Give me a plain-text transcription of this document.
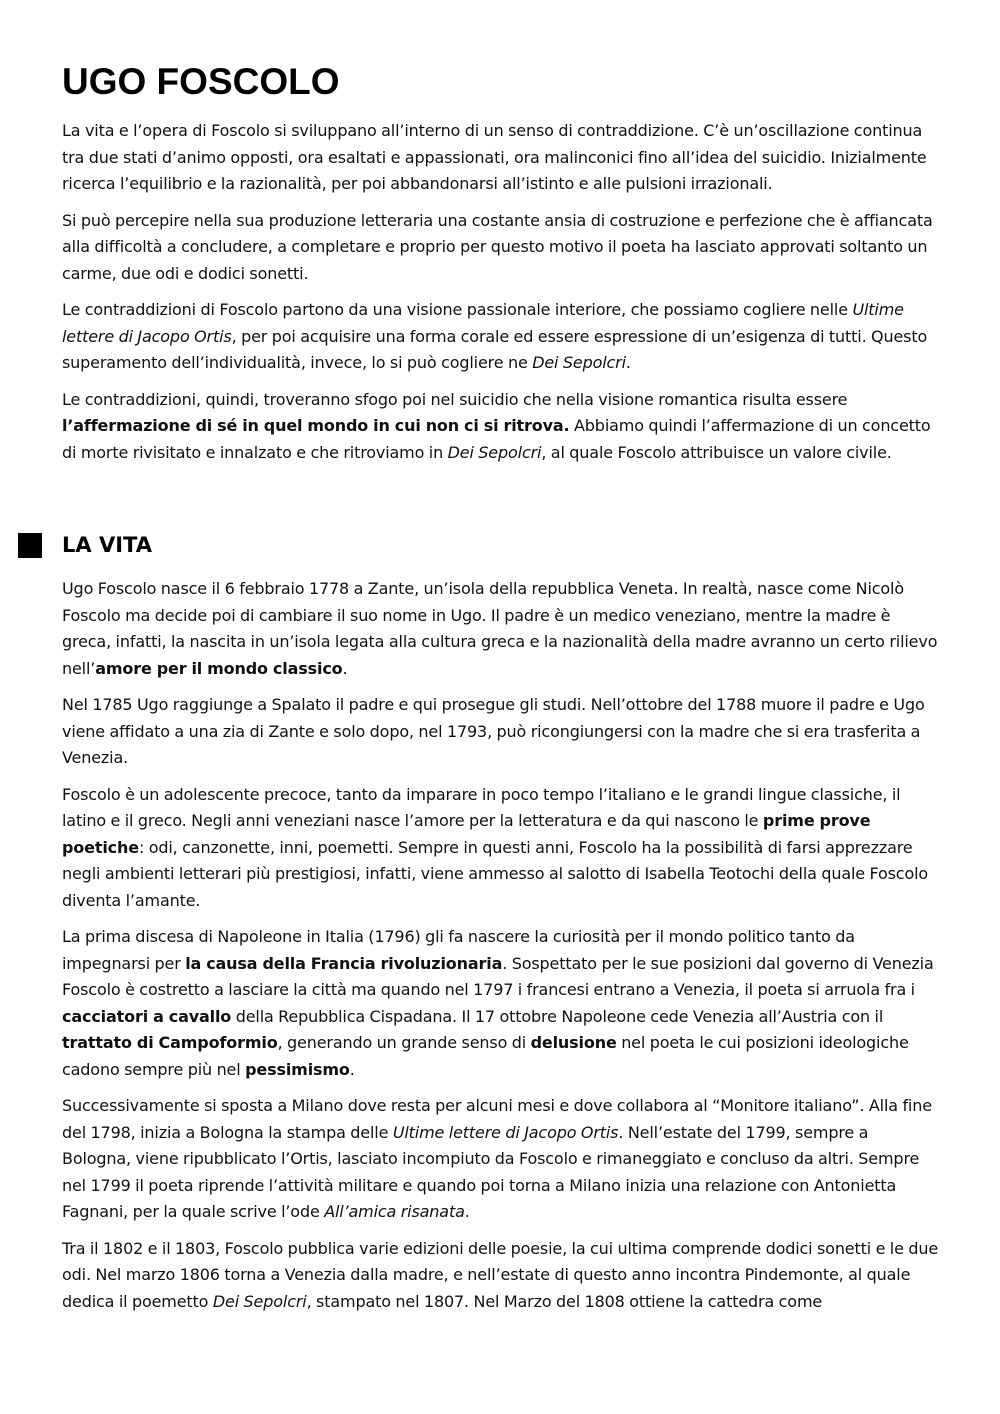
UGO FOSCOLO

La vita e l’opera di Foscolo si sviluppano all’interno di un senso di contraddizione. C’è un’oscillazione continua tra due stati d’animo opposti, ora esaltati e appassionati, ora malinconici fino all’idea del suicidio. Inizialmente ricerca l’equilibrio e la razionalità, per poi abbandonarsi all’istinto e alle pulsioni irrazionali.

Si può percepire nella sua produzione letteraria una costante ansia di costruzione e perfezione che è affiancata alla difficoltà a concludere, a completare e proprio per questo motivo il poeta ha lasciato approvati soltanto un carme, due odi e dodici sonetti.

Le contraddizioni di Foscolo partono da una visione passionale interiore, che possiamo cogliere nelle Ultime lettere di Jacopo Ortis, per poi acquisire una forma corale ed essere espressione di un’esigenza di tutti. Questo superamento dell’individualità, invece, lo si può cogliere ne Dei Sepolcri.

Le contraddizioni, quindi, troveranno sfogo poi nel suicidio che nella visione romantica risulta essere l’affermazione di sé in quel mondo in cui non ci si ritrova. Abbiamo quindi l’affermazione di un concetto di morte rivisitato e innalzato e che ritroviamo in Dei Sepolcri, al quale Foscolo attribuisce un valore civile.

LA VITA

Ugo Foscolo nasce il 6 febbraio 1778 a Zante, un’isola della repubblica Veneta. In realtà, nasce come Nicolò Foscolo ma decide poi di cambiare il suo nome in Ugo. Il padre è un medico veneziano, mentre la madre è greca, infatti, la nascita in un’isola legata alla cultura greca e la nazionalità della madre avranno un certo rilievo nell’amore per il mondo classico.

Nel 1785 Ugo raggiunge a Spalato il padre e qui prosegue gli studi. Nell’ottobre del 1788 muore il padre e Ugo viene affidato a una zia di Zante e solo dopo, nel 1793, può ricongiungersi con la madre che si era trasferita a Venezia.

Foscolo è un adolescente precoce, tanto da imparare in poco tempo l’italiano e le grandi lingue classiche, il latino e il greco. Negli anni veneziani nasce l’amore per la letteratura e da qui nascono le prime prove poetiche: odi, canzonette, inni, poemetti. Sempre in questi anni, Foscolo ha la possibilità di farsi apprezzare negli ambienti letterari più prestigiosi, infatti, viene ammesso al salotto di Isabella Teotochi della quale Foscolo diventa l’amante.

La prima discesa di Napoleone in Italia (1796) gli fa nascere la curiosità per il mondo politico tanto da impegnarsi per la causa della Francia rivoluzionaria. Sospettato per le sue posizioni dal governo di Venezia Foscolo è costretto a lasciare la città ma quando nel 1797 i francesi entrano a Venezia, il poeta si arruola fra i cacciatori a cavallo della Repubblica Cispadana. Il 17 ottobre Napoleone cede Venezia all’Austria con il trattato di Campoformio, generando un grande senso di delusione nel poeta le cui posizioni ideologiche cadono sempre più nel pessimismo.

Successivamente si sposta a Milano dove resta per alcuni mesi e dove collabora al “Monitore italiano”. Alla fine del 1798, inizia a Bologna la stampa delle Ultime lettere di Jacopo Ortis. Nell’estate del 1799, sempre a Bologna, viene ripubblicato l’Ortis, lasciato incompiuto da Foscolo e rimaneggiato e concluso da altri. Sempre nel 1799 il poeta riprende l’attività militare e quando poi torna a Milano inizia una relazione con Antonietta Fagnani, per la quale scrive l’ode All’amica risanata.

Tra il 1802 e il 1803, Foscolo pubblica varie edizioni delle poesie, la cui ultima comprende dodici sonetti e le due odi. Nel marzo 1806 torna a Venezia dalla madre, e nell’estate di questo anno incontra Pindemonte, al quale dedica il poemetto Dei Sepolcri, stampato nel 1807. Nel Marzo del 1808 ottiene la cattedra come
